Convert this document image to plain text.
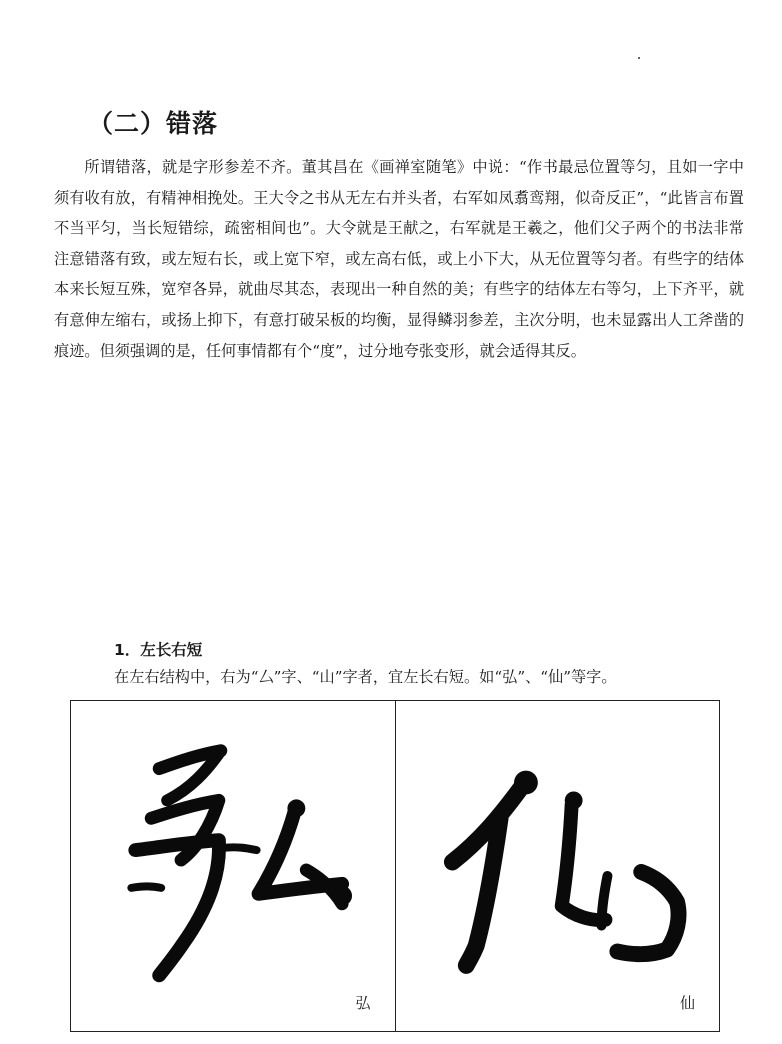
（二）错落

所谓错落，就是字形参差不齐。董其昌在《画禅室随笔》中说：“作书最忌位置等匀，且如一字中须有收有放，有精神相挽处。王大令之书从无左右并头者，右军如凤翥鸾翔，似奇反正”，“此皆言布置不当平匀，当长短错综，疏密相间也”。大令就是王献之，右军就是王羲之，他们父子两个的书法非常注意错落有致，或左短右长，或上宽下窄，或左高右低，或上小下大，从无位置等匀者。有些字的结体本来长短互殊，宽窄各异，就曲尽其态，表现出一种自然的美；有些字的结体左右等匀，上下齐平，就有意伸左缩右，或扬上抑下，有意打破呆板的均衡，显得鳞羽参差，主次分明，也未显露出人工斧凿的痕迹。但须强调的是，任何事情都有个“度”，过分地夸张变形，就会适得其反。

1．左长右短

在左右结构中，右为“厶”字、“山”字者，宜左长右短。如“弘”、“仙”等字。

弘	仙
